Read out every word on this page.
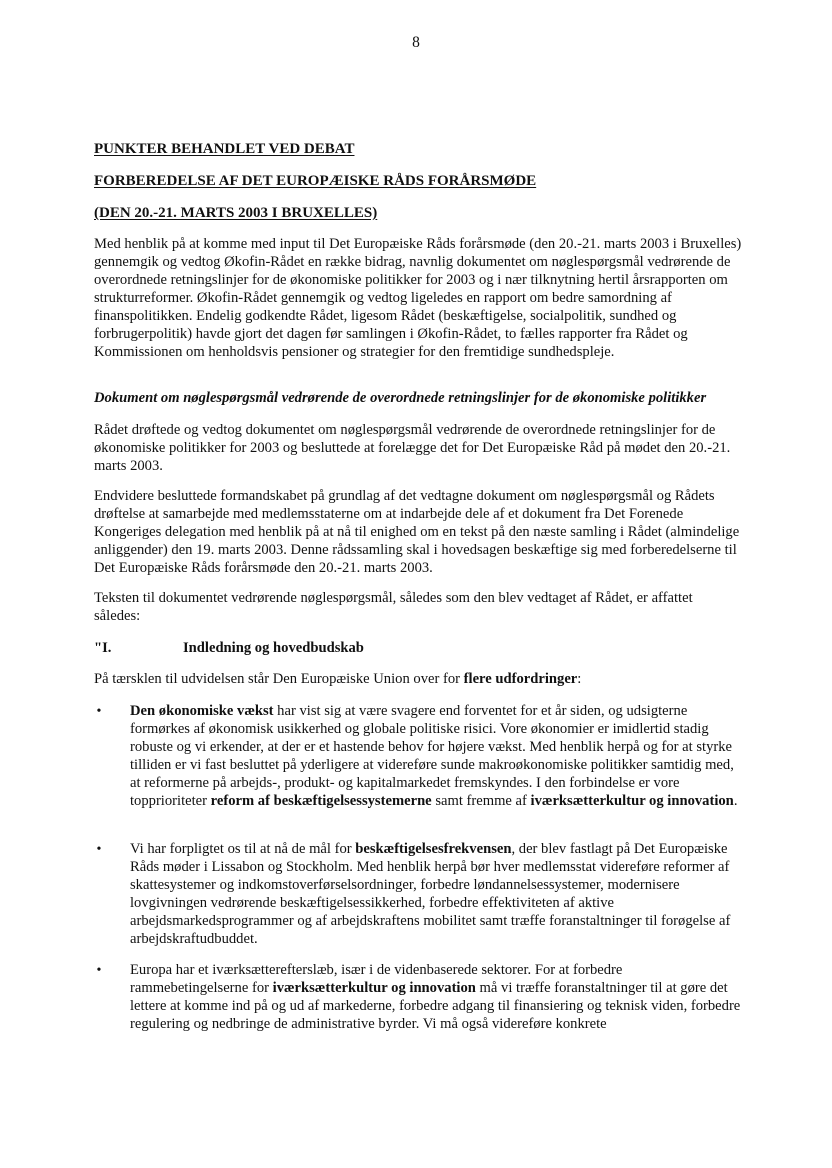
8
PUNKTER BEHANDLET VED DEBAT
FORBEREDELSE AF DET EUROPÆISKE RÅDS FORÅRSMØDE
(DEN 20.-21. MARTS 2003 I BRUXELLES)

Med henblik på at komme med input til Det Europæiske Råds forårsmøde (den 20.-21. marts 2003 i Bruxelles) gennemgik og vedtog Økofin-Rådet en række bidrag, navnlig dokumentet om nøglespørgsmål vedrørende de overordnede retningslinjer for de økonomiske politikker for 2003 og i nær tilknytning hertil årsrapporten om strukturreformer. Økofin-Rådet gennemgik og vedtog ligeledes en rapport om bedre samordning af finanspolitikken. Endelig godkendte Rådet, ligesom Rådet (beskæftigelse, socialpolitik, sundhed og forbrugerpolitik) havde gjort det dagen før samlingen i Økofin-Rådet, to fælles rapporter fra Rådet og Kommissionen om henholdsvis pensioner og strategier for den fremtidige sundhedspleje.

Dokument om nøglespørgsmål vedrørende de overordnede retningslinjer for de økonomiske politikker

Rådet drøftede og vedtog dokumentet om nøglespørgsmål vedrørende de overordnede retningslinjer for de økonomiske politikker for 2003 og besluttede at forelægge det for Det Europæiske Råd på mødet den 20.-21. marts 2003.

Endvidere besluttede formandskabet på grundlag af det vedtagne dokument om nøglespørgsmål og Rådets drøftelse at samarbejde med medlemsstaterne om at indarbejde dele af et dokument fra Det Forenede Kongeriges delegation med henblik på at nå til enighed om en tekst på den næste samling i Rådet (almindelige anliggender) den 19. marts 2003. Denne rådssamling skal i hovedsagen beskæftige sig med forberedelserne til Det Europæiske Råds forårsmøde den 20.-21. marts 2003.

Teksten til dokumentet vedrørende nøglespørgsmål, således som den blev vedtaget af Rådet, er affattet således:

"I.	Indledning og hovedbudskab

På tærsklen til udvidelsen står Den Europæiske Union over for flere udfordringer:

•	Den økonomiske vækst har vist sig at være svagere end forventet for et år siden, og udsigterne formørkes af økonomisk usikkerhed og globale politiske risici. Vore økonomier er imidlertid stadig robuste og vi erkender, at der er et hastende behov for højere vækst. Med henblik herpå og for at styrke tilliden er vi fast besluttet på yderligere at videreføre sunde makroøkonomiske politikker samtidig med, at reformerne på arbejds-, produkt- og kapitalmarkedet fremskyndes. I den forbindelse er vore topprioriteter reform af beskæftigelsessystemerne samt fremme af iværksætterkultur og innovation.

•	Vi har forpligtet os til at nå de mål for beskæftigelsesfrekvensen, der blev fastlagt på Det Europæiske Råds møder i Lissabon og Stockholm. Med henblik herpå bør hver medlemsstat videreføre reformer af skattesystemer og indkomstoverførselsordninger, forbedre løndannelsessystemer, modernisere lovgivningen vedrørende beskæftigelsessikkerhed, forbedre effektiviteten af aktive arbejdsmarkedsprogrammer og af arbejdskraftens mobilitet samt træffe foranstaltninger til forøgelse af arbejdskraftudbuddet.

•	Europa har et iværksætterefterslæb, især i de videnbaserede sektorer. For at forbedre rammebetingelserne for iværksætterkultur og innovation må vi træffe foranstaltninger til at gøre det lettere at komme ind på og ud af markederne, forbedre adgang til finansiering og teknisk viden, forbedre regulering og nedbringe de administrative byrder. Vi må også videreføre konkrete
